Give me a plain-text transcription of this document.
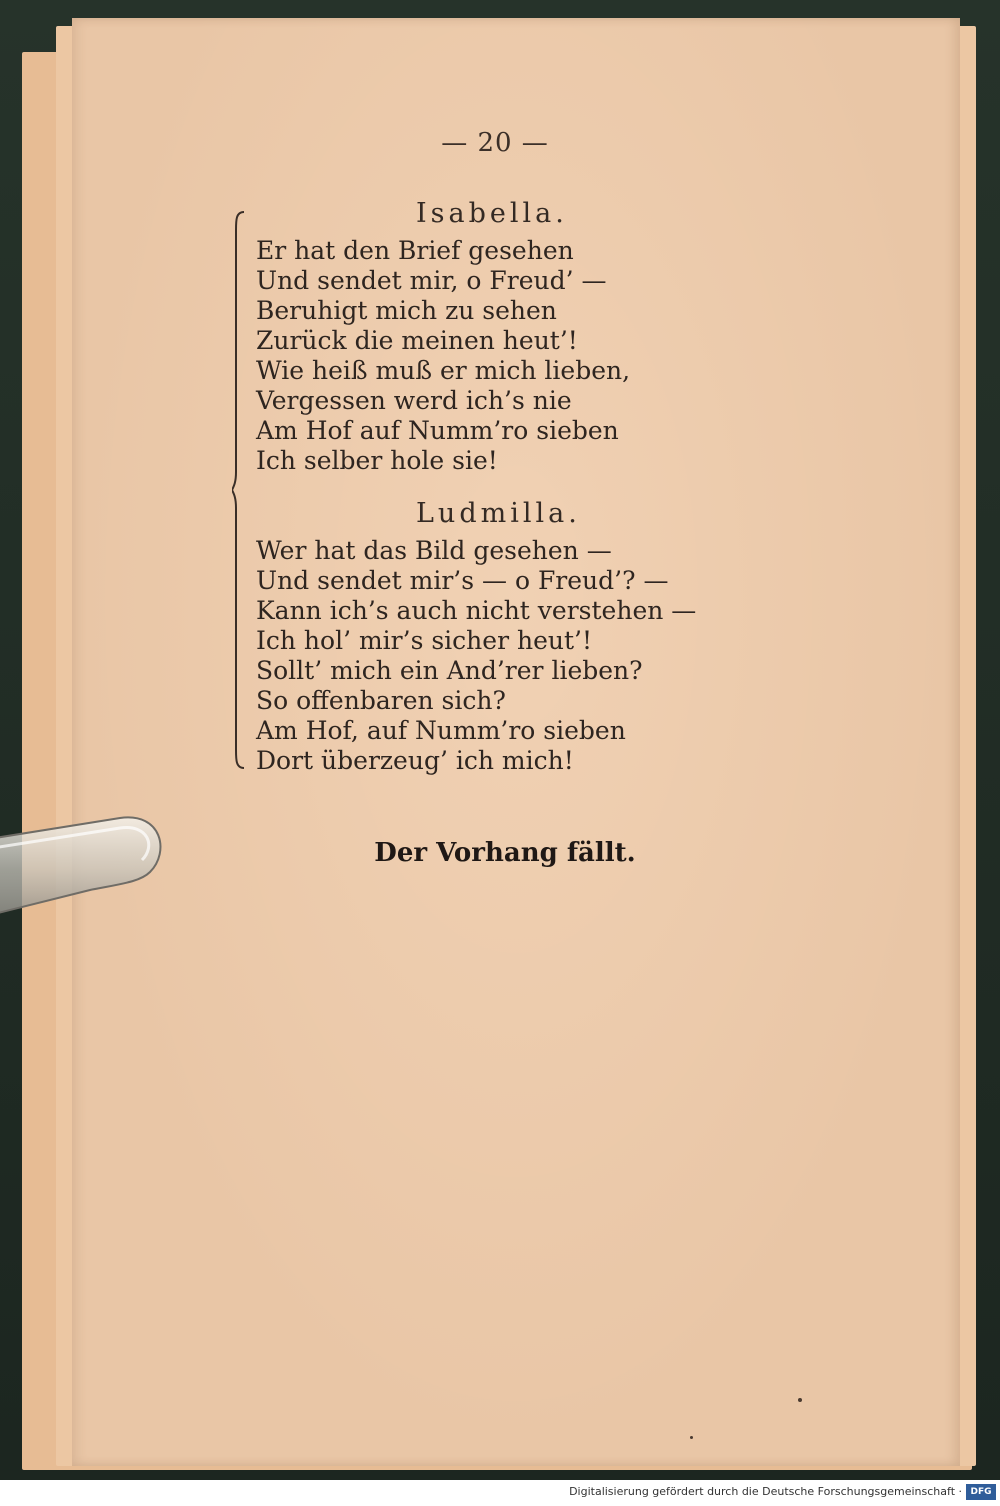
— 20 —
Isabella.
Er hat den Brief gesehen
Und sendet mir, o Freud’ —
Beruhigt mich zu sehen
Zurück die meinen heut’!
Wie heiß muß er mich lieben,
Vergessen werd ich’s nie
Am Hof auf Numm’ro sieben
Ich selber hole sie!
Ludmilla.
Wer hat das Bild gesehen —
Und sendet mir’s — o Freud’? —
Kann ich’s auch nicht verstehen —
Ich hol’ mir’s sicher heut’!
Sollt’ mich ein And’rer lieben?
So offenbaren sich?
Am Hof, auf Numm’ro sieben
Dort überzeug’ ich mich!
Der Vorhang fällt.
Digitalisierung gefördert durch die Deutsche Forschungsgemeinschaft · DFG
